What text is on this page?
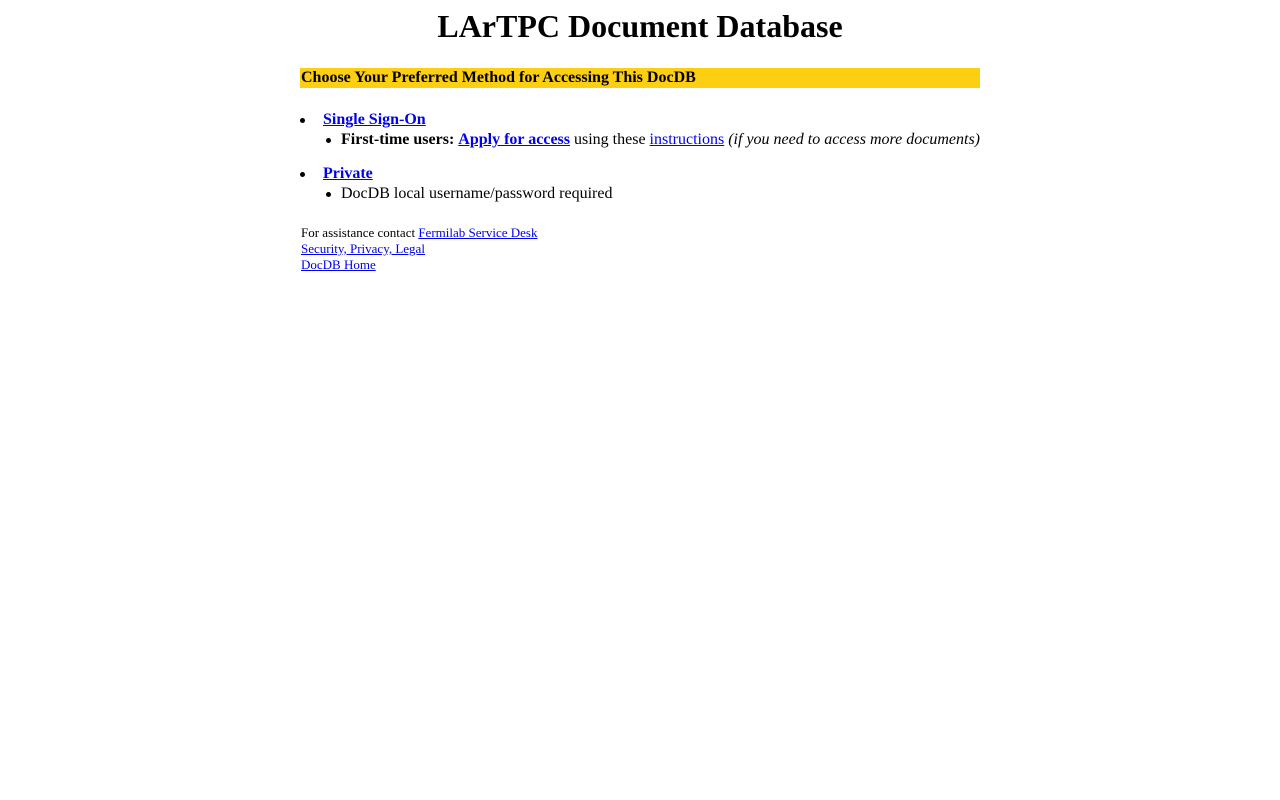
LArTPC Document Database
Choose Your Preferred Method for Accessing This DocDB
Single Sign-On
First-time users: Apply for access using these instructions (if you need to access more documents)
Private
DocDB local username/password required
For assistance contact Fermilab Service Desk
Security, Privacy, Legal
DocDB Home
